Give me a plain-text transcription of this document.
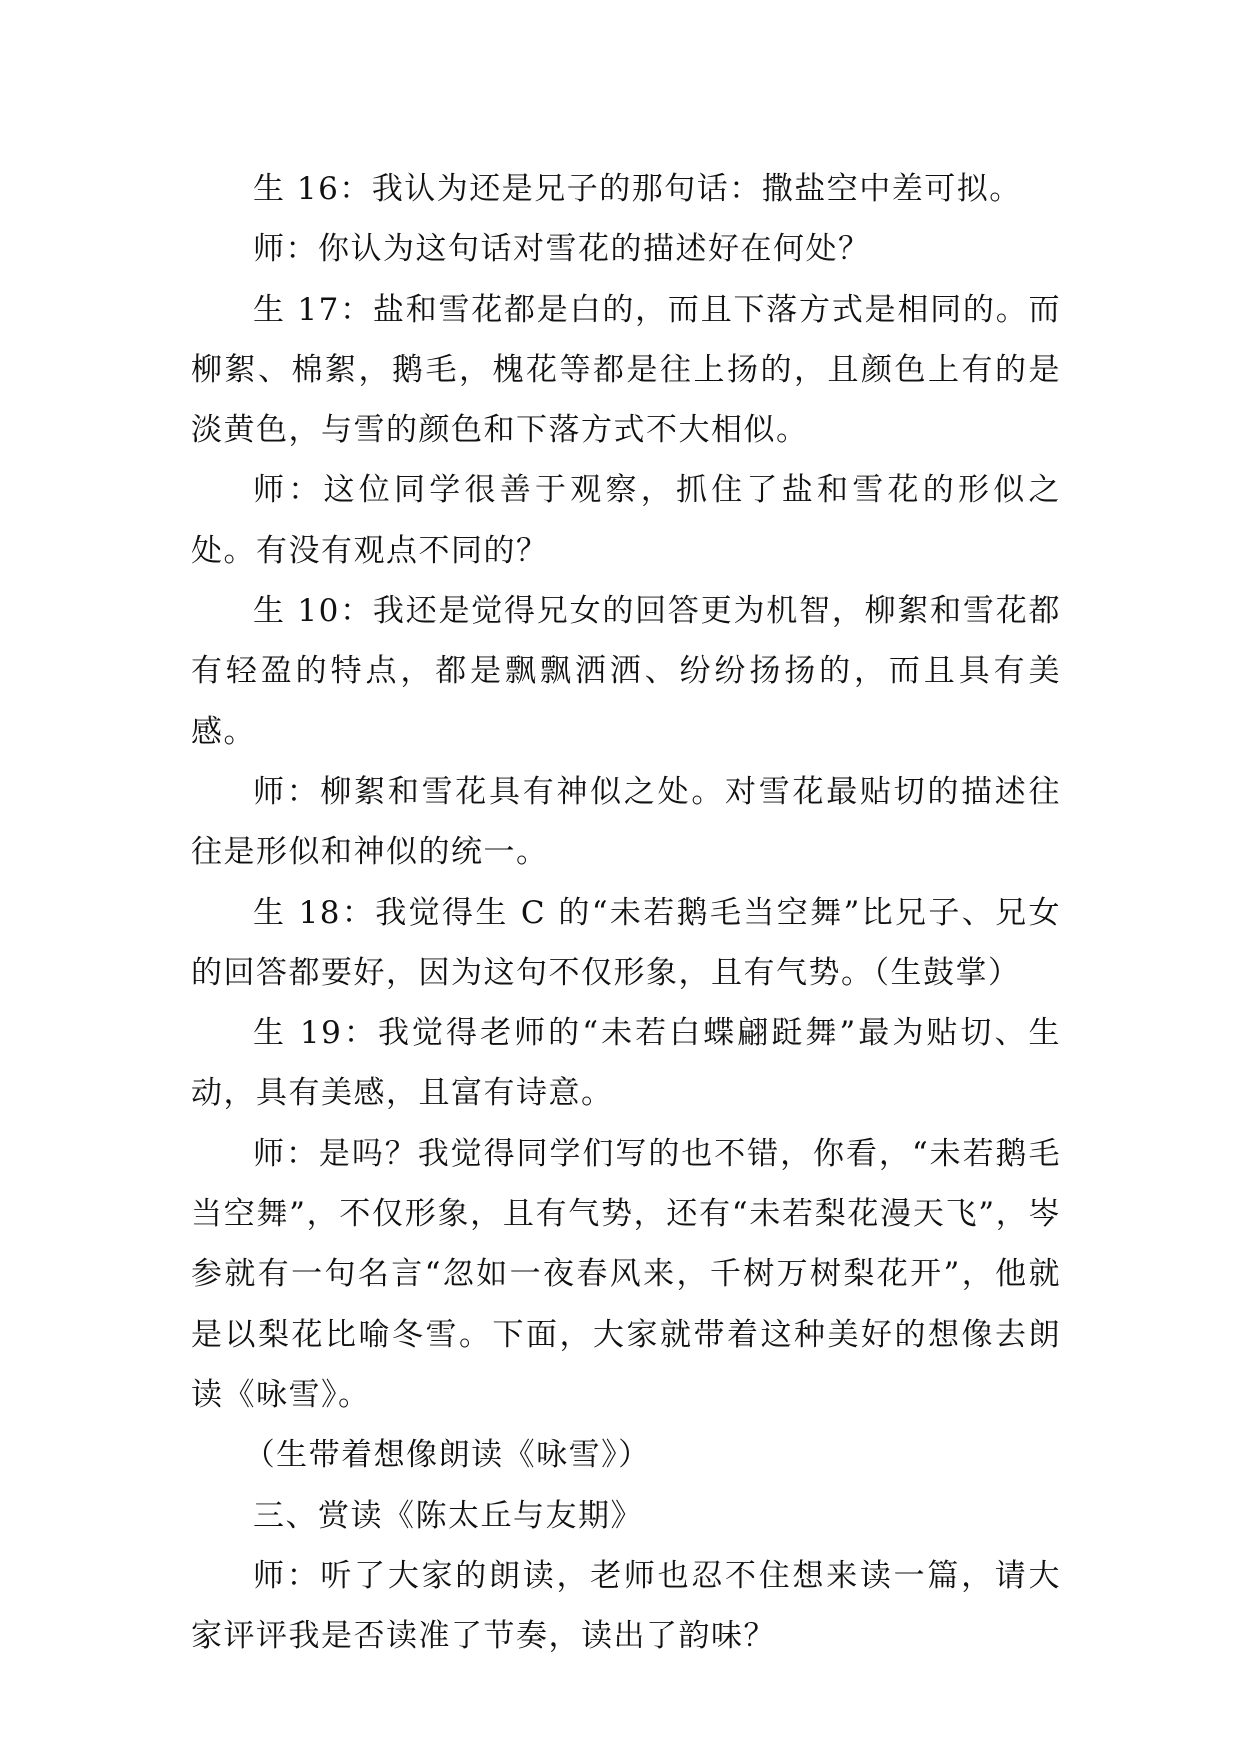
生 16：我认为还是兄子的那句话：撒盐空中差可拟。

师：你认为这句话对雪花的描述好在何处？

生 17：盐和雪花都是白的，而且下落方式是相同的。而柳絮、棉絮，鹅毛，槐花等都是往上扬的，且颜色上有的是淡黄色，与雪的颜色和下落方式不大相似。

师：这位同学很善于观察，抓住了盐和雪花的形似之处。有没有观点不同的？

生 10：我还是觉得兄女的回答更为机智，柳絮和雪花都有轻盈的特点，都是飘飘洒洒、纷纷扬扬的，而且具有美感。

师：柳絮和雪花具有神似之处。对雪花最贴切的描述往往是形似和神似的统一。

生 18：我觉得生 C 的“未若鹅毛当空舞”比兄子、兄女的回答都要好，因为这句不仅形象，且有气势。（生鼓掌）

生 19：我觉得老师的“未若白蝶翩跹舞”最为贴切、生动，具有美感，且富有诗意。

师：是吗？我觉得同学们写的也不错，你看，“未若鹅毛当空舞”，不仅形象，且有气势，还有“未若梨花漫天飞”，岑参就有一句名言“忽如一夜春风来，千树万树梨花开”，他就是以梨花比喻冬雪。下面，大家就带着这种美好的想像去朗读《咏雪》。

（生带着想像朗读《咏雪》）

三、赏读《陈太丘与友期》

师：听了大家的朗读，老师也忍不住想来读一篇，请大家评评我是否读准了节奏，读出了韵味？
